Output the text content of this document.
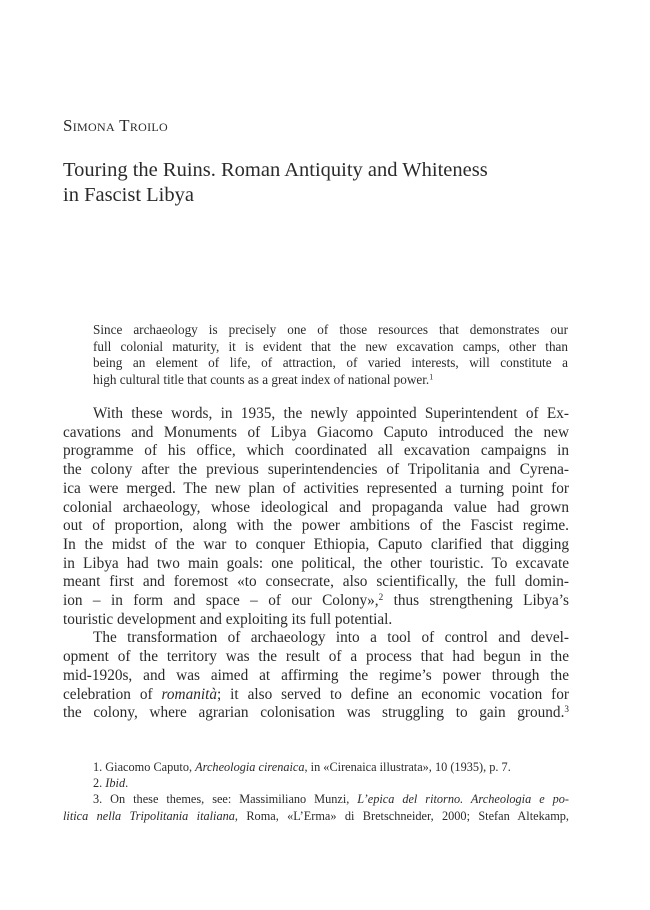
Simona Troilo
Touring the Ruins. Roman Antiquity and Whiteness
in Fascist Libya
Since archaeology is precisely one of those resources that demonstrates our
full colonial maturity, it is evident that the new excavation camps, other than
being an element of life, of attraction, of varied interests, will constitute a
high cultural title that counts as a great index of national power.$^1$
With these words, in 1935, the newly appointed Superintendent of Ex-
cavations and Monuments of Libya Giacomo Caputo introduced the new
programme of his office, which coordinated all excavation campaigns in
the colony after the previous superintendencies of Tripolitania and Cyrena-
ica were merged. The new plan of activities represented a turning point for
colonial archaeology, whose ideological and propaganda value had grown
out of proportion, along with the power ambitions of the Fascist regime.
In the midst of the war to conquer Ethiopia, Caputo clarified that digging
in Libya had two main goals: one political, the other touristic. To excavate
meant first and foremost «to consecrate, also scientifically, the full domin-
ion – in form and space – of our Colony»,$^2$ thus strengthening Libya’s
touristic development and exploiting its full potential.
The transformation of archaeology into a tool of control and devel-
opment of the territory was the result of a process that had begun in the
mid-1920s, and was aimed at affirming the regime’s power through the
celebration of romanità; it also served to define an economic vocation for
the colony, where agrarian colonisation was struggling to gain ground.$^3$
1. Giacomo Caputo, Archeologia cirenaica, in «Cirenaica illustrata», 10 (1935), p. 7.
2. Ibid.
3. On these themes, see: Massimiliano Munzi, L’epica del ritorno. Archeologia e po-
litica nella Tripolitania italiana, Roma, «L’Erma» di Bretschneider, 2000; Stefan Altekamp,
